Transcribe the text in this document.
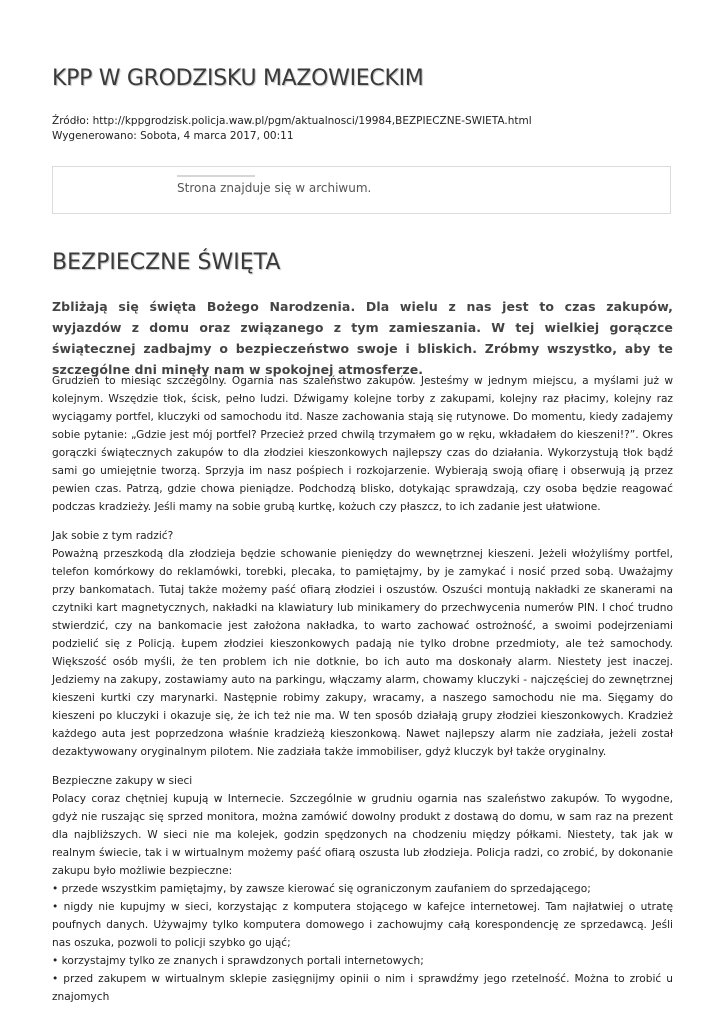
KPP W GRODZISKU MAZOWIECKIM
Źródło: http://kppgrodzisk.policja.waw.pl/pgm/aktualnosci/19984,BEZPIECZNE-SWIETA.html
Wygenerowano: Sobota, 4 marca 2017, 00:11
Strona znajduje się w archiwum.
BEZPIECZNE ŚWIĘTA

Zbliżają się święta Bożego Narodzenia. Dla wielu z nas jest to czas zakupów, wyjazdów z domu oraz związanego z tym zamieszania. W tej wielkiej gorączce świątecznej zadbajmy o bezpieczeństwo swoje i bliskich. Zróbmy wszystko, aby te szczególne dni minęły nam w spokojnej atmosferze.

Grudzień to miesiąc szczególny. Ogarnia nas szaleństwo zakupów. Jesteśmy w jednym miejscu, a myślami już w kolejnym. Wszędzie tłok, ścisk, pełno ludzi. Dźwigamy kolejne torby z zakupami, kolejny raz płacimy, kolejny raz wyciągamy portfel, kluczyki od samochodu itd. Nasze zachowania stają się rutynowe. Do momentu, kiedy zadajemy sobie pytanie: „Gdzie jest mój portfel? Przecież przed chwilą trzymałem go w ręku, wkładałem do kieszeni!?”. Okres gorączki świątecznych zakupów to dla złodziei kieszonkowych najlepszy czas do działania. Wykorzystują tłok bądź sami go umiejętnie tworzą. Sprzyja im nasz pośpiech i rozkojarzenie. Wybierają swoją ofiarę i obserwują ją przez pewien czas. Patrzą, gdzie chowa pieniądze. Podchodzą blisko, dotykając sprawdzają, czy osoba będzie reagować podczas kradzieży. Jeśli mamy na sobie grubą kurtkę, kożuch czy płaszcz, to ich zadanie jest ułatwione.

Jak sobie z tym radzić?

Poważną przeszkodą dla złodzieja będzie schowanie pieniędzy do wewnętrznej kieszeni. Jeżeli włożyliśmy portfel, telefon komórkowy do reklamówki, torebki, plecaka, to pamiętajmy, by je zamykać i nosić przed sobą. Uważajmy przy bankomatach. Tutaj także możemy paść ofiarą złodziei i oszustów. Oszuści montują nakładki ze skanerami na czytniki kart magnetycznych, nakładki na klawiatury lub minikamery do przechwycenia numerów PIN. I choć trudno stwierdzić, czy na bankomacie jest założona nakładka, to warto zachować ostrożność, a swoimi podejrzeniami podzielić się z Policją. Łupem złodziei kieszonkowych padają nie tylko drobne przedmioty, ale też samochody. Większość osób myśli, że ten problem ich nie dotknie, bo ich auto ma doskonały alarm. Niestety jest inaczej. Jedziemy na zakupy, zostawiamy auto na parkingu, włączamy alarm, chowamy kluczyki - najczęściej do zewnętrznej kieszeni kurtki czy marynarki. Następnie robimy zakupy, wracamy, a naszego samochodu nie ma. Sięgamy do kieszeni po kluczyki i okazuje się, że ich też nie ma. W ten sposób działają grupy złodziei kieszonkowych. Kradzież każdego auta jest poprzedzona właśnie kradzieżą kieszonkową. Nawet najlepszy alarm nie zadziała, jeżeli został dezaktywowany oryginalnym pilotem. Nie zadziała także immobiliser, gdyż kluczyk był także oryginalny.

Bezpieczne zakupy w sieci

Polacy coraz chętniej kupują w Internecie. Szczególnie w grudniu ogarnia nas szaleństwo zakupów. To wygodne, gdyż nie ruszając się sprzed monitora, można zamówić dowolny produkt z dostawą do domu, w sam raz na prezent dla najbliższych. W sieci nie ma kolejek, godzin spędzonych na chodzeniu między półkami. Niestety, tak jak w realnym świecie, tak i w wirtualnym możemy paść ofiarą oszusta lub złodzieja. Policja radzi, co zrobić, by dokonanie zakupu było możliwie bezpieczne:

• przede wszystkim pamiętajmy, by zawsze kierować się ograniczonym zaufaniem do sprzedającego;

• nigdy nie kupujmy w sieci, korzystając z komputera stojącego w kafejce internetowej. Tam najłatwiej o utratę poufnych danych. Używajmy tylko komputera domowego i zachowujmy całą korespondencję ze sprzedawcą. Jeśli nas oszuka, pozwoli to policji szybko go ująć;

• korzystajmy tylko ze znanych i sprawdzonych portali internetowych;

• przed zakupem w wirtualnym sklepie zasięgnijmy opinii o nim i sprawdźmy jego rzetelność. Można to zrobić u znajomych
